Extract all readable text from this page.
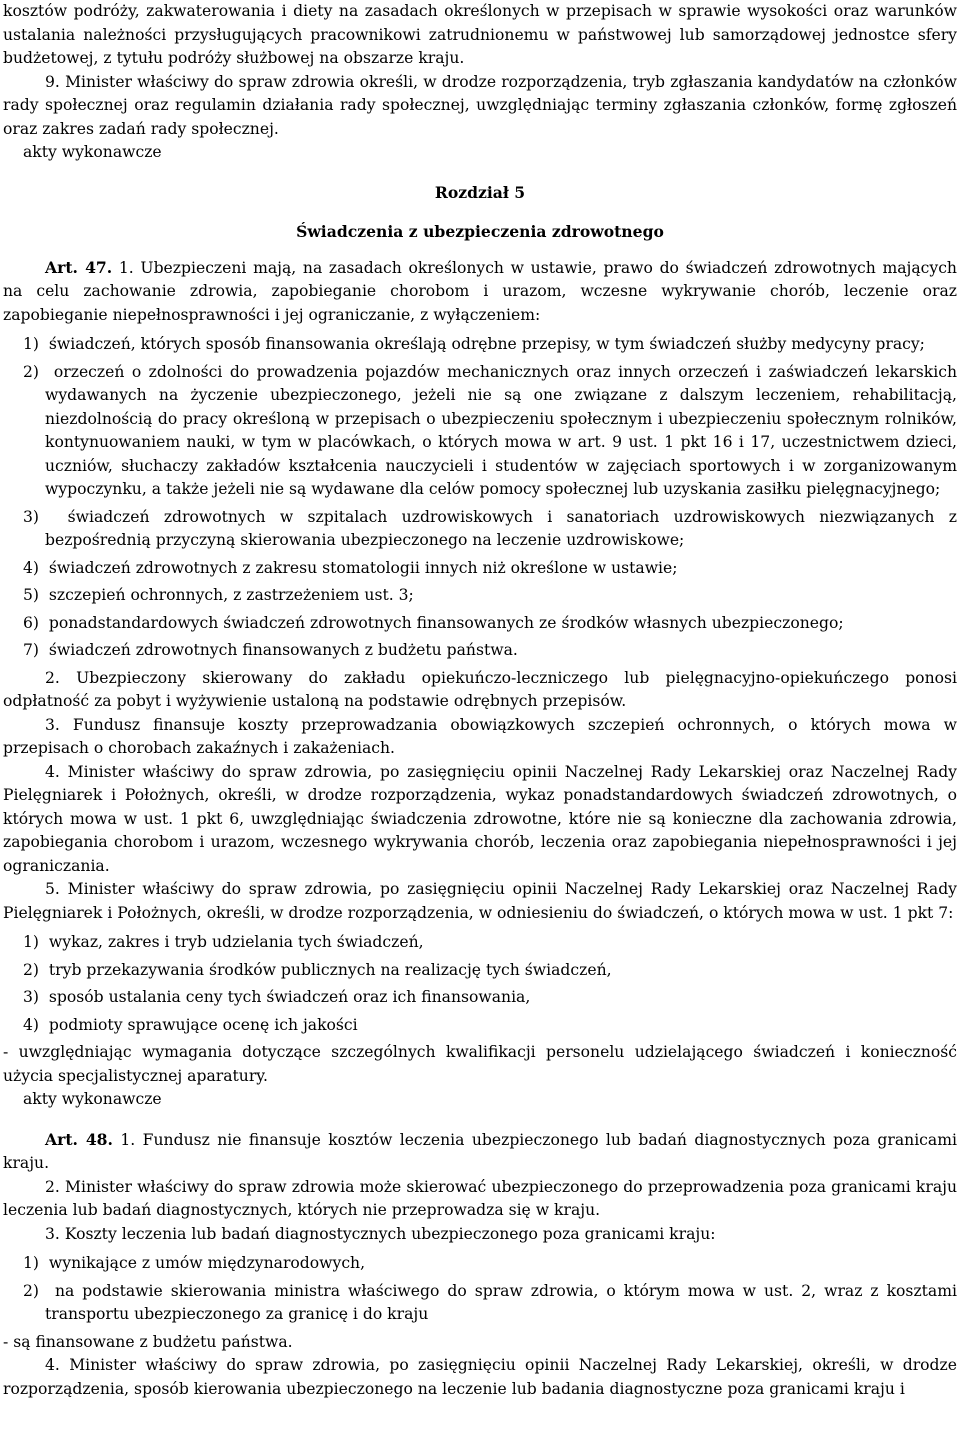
kosztów podróży, zakwaterowania i diety na zasadach określonych w przepisach w sprawie wysokości oraz warunków ustalania należności przysługujących pracownikowi zatrudnionemu w państwowej lub samorządowej jednostce sfery budżetowej, z tytułu podróży służbowej na obszarze kraju.

9. Minister właściwy do spraw zdrowia określi, w drodze rozporządzenia, tryb zgłaszania kandydatów na członków rady społecznej oraz regulamin działania rady społecznej, uwzględniając terminy zgłaszania członków, formę zgłoszeń oraz zakres zadań rady społecznej.

akty wykonawcze

Rozdział 5

Świadczenia z ubezpieczenia zdrowotnego

Art. 47. 1. Ubezpieczeni mają, na zasadach określonych w ustawie, prawo do świadczeń zdrowotnych mających na celu zachowanie zdrowia, zapobieganie chorobom i urazom, wczesne wykrywanie chorób, leczenie oraz zapobieganie niepełnosprawności i jej ograniczanie, z wyłączeniem:

1)  świadczeń, których sposób finansowania określają odrębne przepisy, w tym świadczeń służby medycyny pracy;

2)  orzeczeń o zdolności do prowadzenia pojazdów mechanicznych oraz innych orzeczeń i zaświadczeń lekarskich wydawanych na życzenie ubezpieczonego, jeżeli nie są one związane z dalszym leczeniem, rehabilitacją, niezdolnością do pracy określoną w przepisach o ubezpieczeniu społecznym i ubezpieczeniu społecznym rolników, kontynuowaniem nauki, w tym w placówkach, o których mowa w art. 9 ust. 1 pkt 16 i 17, uczestnictwem dzieci, uczniów, słuchaczy zakładów kształcenia nauczycieli i studentów w zajęciach sportowych i w zorganizowanym wypoczynku, a także jeżeli nie są wydawane dla celów pomocy społecznej lub uzyskania zasiłku pielęgnacyjnego;

3)  świadczeń zdrowotnych w szpitalach uzdrowiskowych i sanatoriach uzdrowiskowych niezwiązanych z bezpośrednią przyczyną skierowania ubezpieczonego na leczenie uzdrowiskowe;

4)  świadczeń zdrowotnych z zakresu stomatologii innych niż określone w ustawie;

5)  szczepień ochronnych, z zastrzeżeniem ust. 3;

6)  ponadstandardowych świadczeń zdrowotnych finansowanych ze środków własnych ubezpieczonego;

7)  świadczeń zdrowotnych finansowanych z budżetu państwa.

2. Ubezpieczony skierowany do zakładu opiekuńczo-leczniczego lub pielęgnacyjno-opiekuńczego ponosi odpłatność za pobyt i wyżywienie ustaloną na podstawie odrębnych przepisów.

3. Fundusz finansuje koszty przeprowadzania obowiązkowych szczepień ochronnych, o których mowa w przepisach o chorobach zakaźnych i zakażeniach.

4. Minister właściwy do spraw zdrowia, po zasięgnięciu opinii Naczelnej Rady Lekarskiej oraz Naczelnej Rady Pielęgniarek i Położnych, określi, w drodze rozporządzenia, wykaz ponadstandardowych świadczeń zdrowotnych, o których mowa w ust. 1 pkt 6, uwzględniając świadczenia zdrowotne, które nie są konieczne dla zachowania zdrowia, zapobiegania chorobom i urazom, wczesnego wykrywania chorób, leczenia oraz zapobiegania niepełnosprawności i jej ograniczania.

5. Minister właściwy do spraw zdrowia, po zasięgnięciu opinii Naczelnej Rady Lekarskiej oraz Naczelnej Rady Pielęgniarek i Położnych, określi, w drodze rozporządzenia, w odniesieniu do świadczeń, o których mowa w ust. 1 pkt 7:

1)  wykaz, zakres i tryb udzielania tych świadczeń,

2)  tryb przekazywania środków publicznych na realizację tych świadczeń,

3)  sposób ustalania ceny tych świadczeń oraz ich finansowania,

4)  podmioty sprawujące ocenę ich jakości

- uwzględniając wymagania dotyczące szczególnych kwalifikacji personelu udzielającego świadczeń i konieczność użycia specjalistycznej aparatury.

akty wykonawcze

Art. 48. 1. Fundusz nie finansuje kosztów leczenia ubezpieczonego lub badań diagnostycznych poza granicami kraju.

2. Minister właściwy do spraw zdrowia może skierować ubezpieczonego do przeprowadzenia poza granicami kraju leczenia lub badań diagnostycznych, których nie przeprowadza się w kraju.

3. Koszty leczenia lub badań diagnostycznych ubezpieczonego poza granicami kraju:

1)  wynikające z umów międzynarodowych,

2)  na podstawie skierowania ministra właściwego do spraw zdrowia, o którym mowa w ust. 2, wraz z kosztami transportu ubezpieczonego za granicę i do kraju

- są finansowane z budżetu państwa.

4. Minister właściwy do spraw zdrowia, po zasięgnięciu opinii Naczelnej Rady Lekarskiej, określi, w drodze rozporządzenia, sposób kierowania ubezpieczonego na leczenie lub badania diagnostyczne poza granicami kraju i
